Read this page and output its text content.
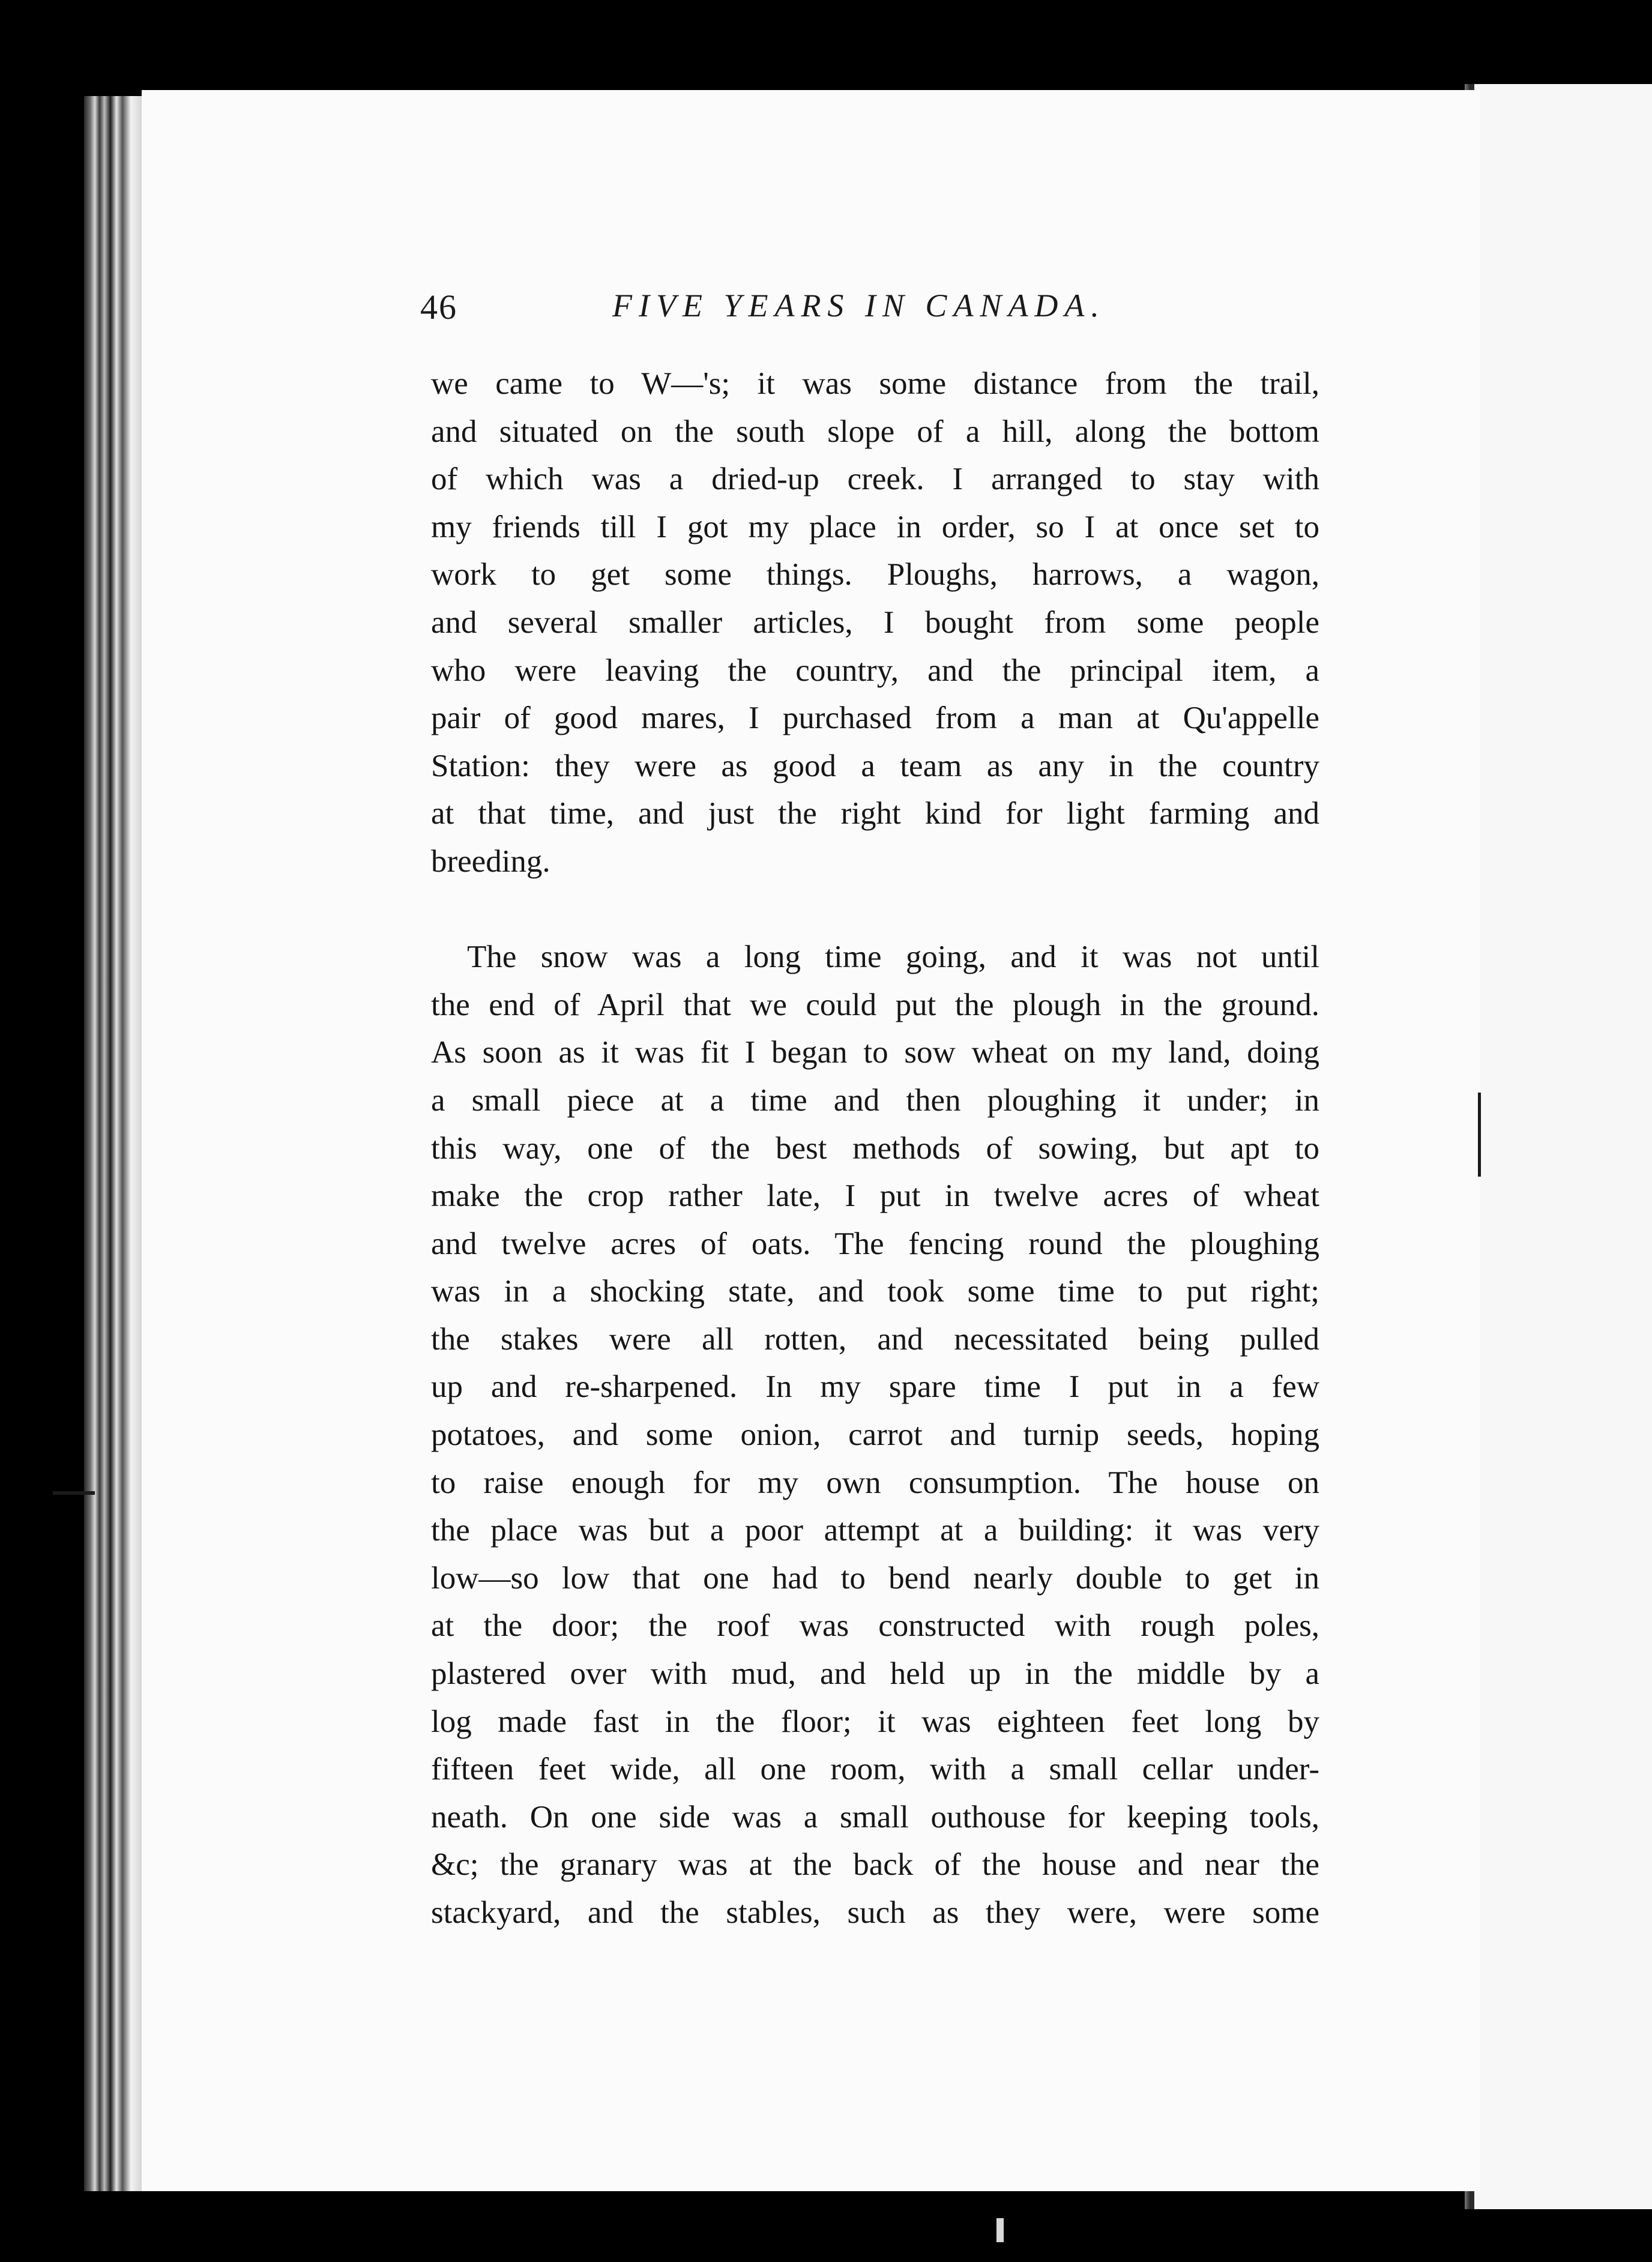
46	FIVE YEARS IN CANADA.
we came to W—'s; it was some distance from the trail,
and situated on the south slope of a hill, along the bottom
of which was a dried-up creek. I arranged to stay with
my friends till I got my place in order, so I at once set to
work to get some things. Ploughs, harrows, a wagon,
and several smaller articles, I bought from some people
who were leaving the country, and the principal item, a
pair of good mares, I purchased from a man at Qu'appelle
Station: they were as good a team as any in the country
at that time, and just the right kind for light farming and
breeding.
The snow was a long time going, and it was not until
the end of April that we could put the plough in the ground.
As soon as it was fit I began to sow wheat on my land, doing
a small piece at a time and then ploughing it under; in
this way, one of the best methods of sowing, but apt to
make the crop rather late, I put in twelve acres of wheat
and twelve acres of oats. The fencing round the ploughing
was in a shocking state, and took some time to put right;
the stakes were all rotten, and necessitated being pulled
up and re-sharpened. In my spare time I put in a few
potatoes, and some onion, carrot and turnip seeds, hoping
to raise enough for my own consumption. The house on
the place was but a poor attempt at a building: it was very
low—so low that one had to bend nearly double to get in
at the door; the roof was constructed with rough poles,
plastered over with mud, and held up in the middle by a
log made fast in the floor; it was eighteen feet long by
fifteen feet wide, all one room, with a small cellar under-
neath. On one side was a small outhouse for keeping tools,
&c; the granary was at the back of the house and near the
stackyard, and the stables, such as they were, were some
